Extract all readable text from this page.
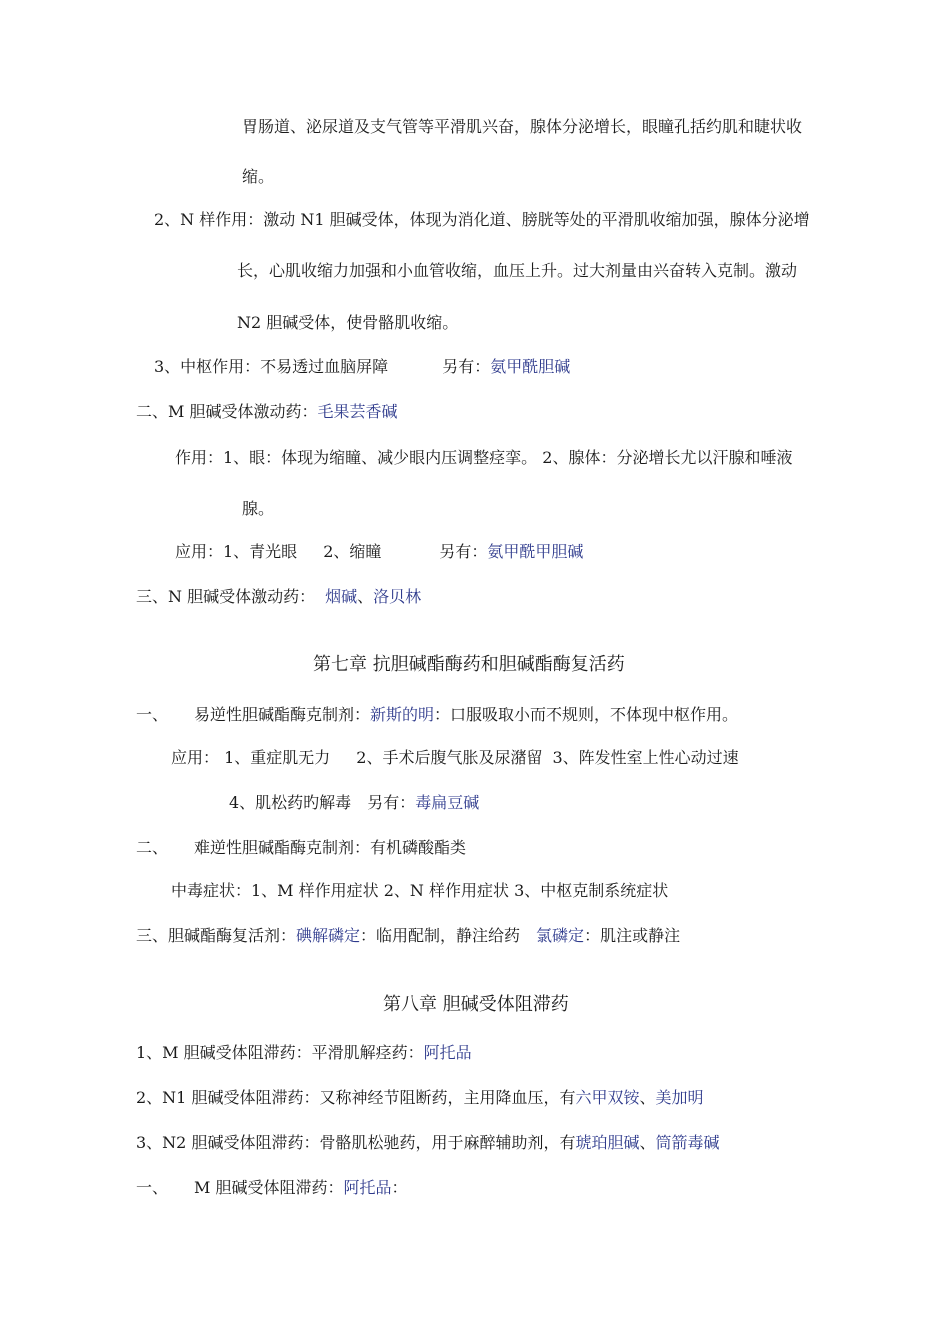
胃肠道、泌尿道及支气管等平滑肌兴奋，腺体分泌增长，眼瞳孔括约肌和睫状收
缩。
2、N 样作用：激动 N1 胆碱受体，体现为消化道、膀胱等处的平滑肌收缩加强，腺体分泌增
长，心肌收缩力加强和小血管收缩，血压上升。过大剂量由兴奋转入克制。激动
N2 胆碱受体，使骨骼肌收缩。
3、中枢作用：不易透过血脑屏障	另有：氨甲酰胆碱
二、M 胆碱受体激动药：毛果芸香碱
作用：1、眼：体现为缩瞳、减少眼内压调整痉挛。 2、腺体：分泌增长尤以汗腺和唾液
腺。
应用：1、青光眼 2、缩瞳	另有：氨甲酰甲胆碱
三、N 胆碱受体激动药： 烟碱、洛贝林
第七章 抗胆碱酯酶药和胆碱酯酶复活药
一、 易逆性胆碱酯酶克制剂：新斯的明：口服吸取小而不规则，不体现中枢作用。
应用： 1、重症肌无力 2、手术后腹气胀及尿潴留 3、阵发性室上性心动过速
4、肌松药旳解毒 另有：毒扁豆碱
二、 难逆性胆碱酯酶克制剂：有机磷酸酯类
中毒症状：1、M 样作用症状 2、N 样作用症状 3、中枢克制系统症状
三、胆碱酯酶复活剂：碘解磷定：临用配制，静注给药 氯磷定：肌注或静注
第八章 胆碱受体阻滞药
1、M 胆碱受体阻滞药：平滑肌解痉药：阿托品
2、N1 胆碱受体阻滞药：又称神经节阻断药，主用降血压，有六甲双铵、美加明
3、N2 胆碱受体阻滞药：骨骼肌松驰药，用于麻醉辅助剂，有琥珀胆碱、筒箭毒碱
一、 M 胆碱受体阻滞药：阿托品：
